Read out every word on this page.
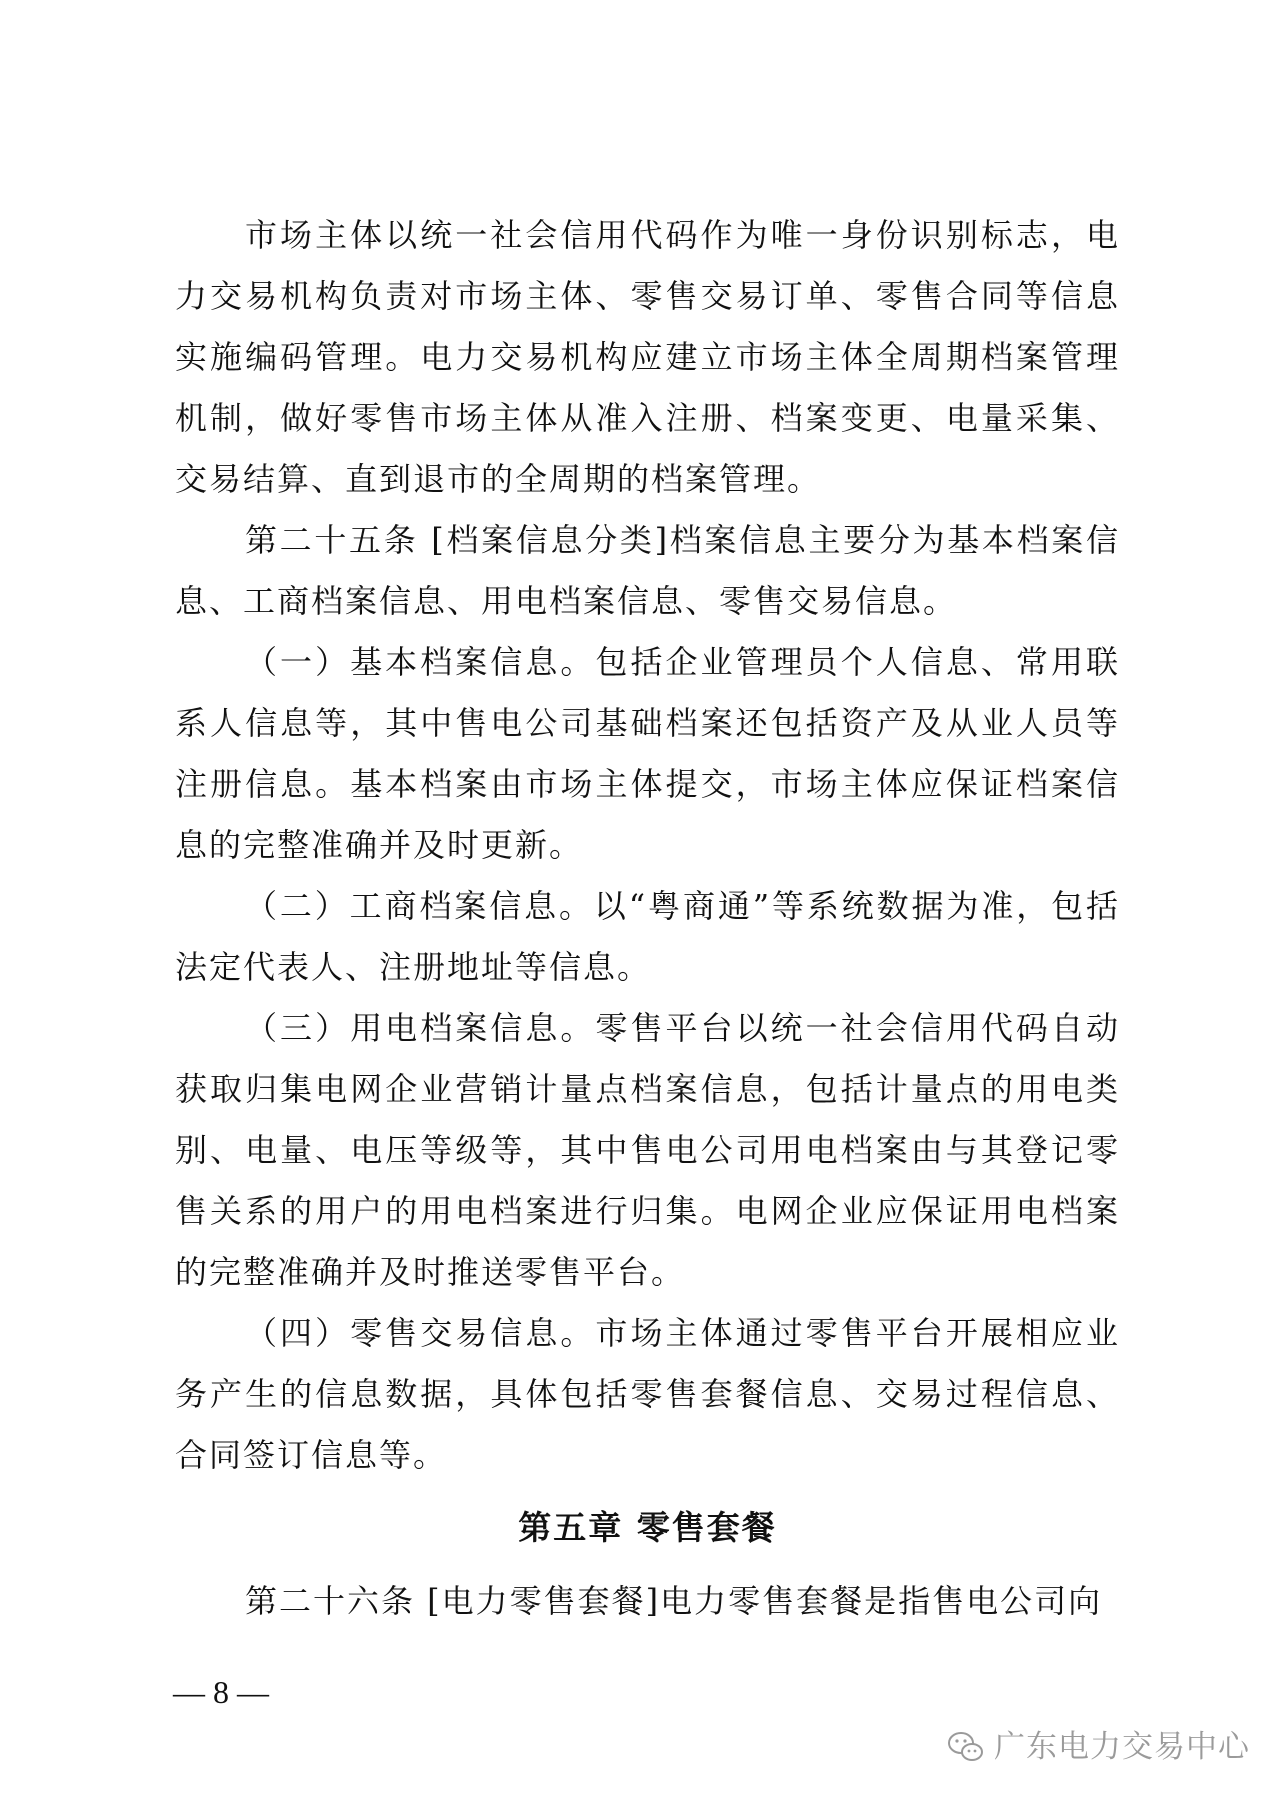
市场主体以统一社会信用代码作为唯一身份识别标志，电力交易机构负责对市场主体、零售交易订单、零售合同等信息实施编码管理。电力交易机构应建立市场主体全周期档案管理机制，做好零售市场主体从准入注册、档案变更、电量采集、交易结算、直到退市的全周期的档案管理。

第二十五条 [档案信息分类]档案信息主要分为基本档案信息、工商档案信息、用电档案信息、零售交易信息。

（一）基本档案信息。包括企业管理员个人信息、常用联系人信息等，其中售电公司基础档案还包括资产及从业人员等注册信息。基本档案由市场主体提交，市场主体应保证档案信息的完整准确并及时更新。

（二）工商档案信息。以“粤商通”等系统数据为准，包括法定代表人、注册地址等信息。

（三）用电档案信息。零售平台以统一社会信用代码自动获取归集电网企业营销计量点档案信息，包括计量点的用电类别、电量、电压等级等，其中售电公司用电档案由与其登记零售关系的用户的用电档案进行归集。电网企业应保证用电档案的完整准确并及时推送零售平台。

（四）零售交易信息。市场主体通过零售平台开展相应业务产生的信息数据，具体包括零售套餐信息、交易过程信息、合同签订信息等。

第五章 零售套餐

第二十六条 [电力零售套餐]电力零售套餐是指售电公司向

— 8 —
广东电力交易中心
